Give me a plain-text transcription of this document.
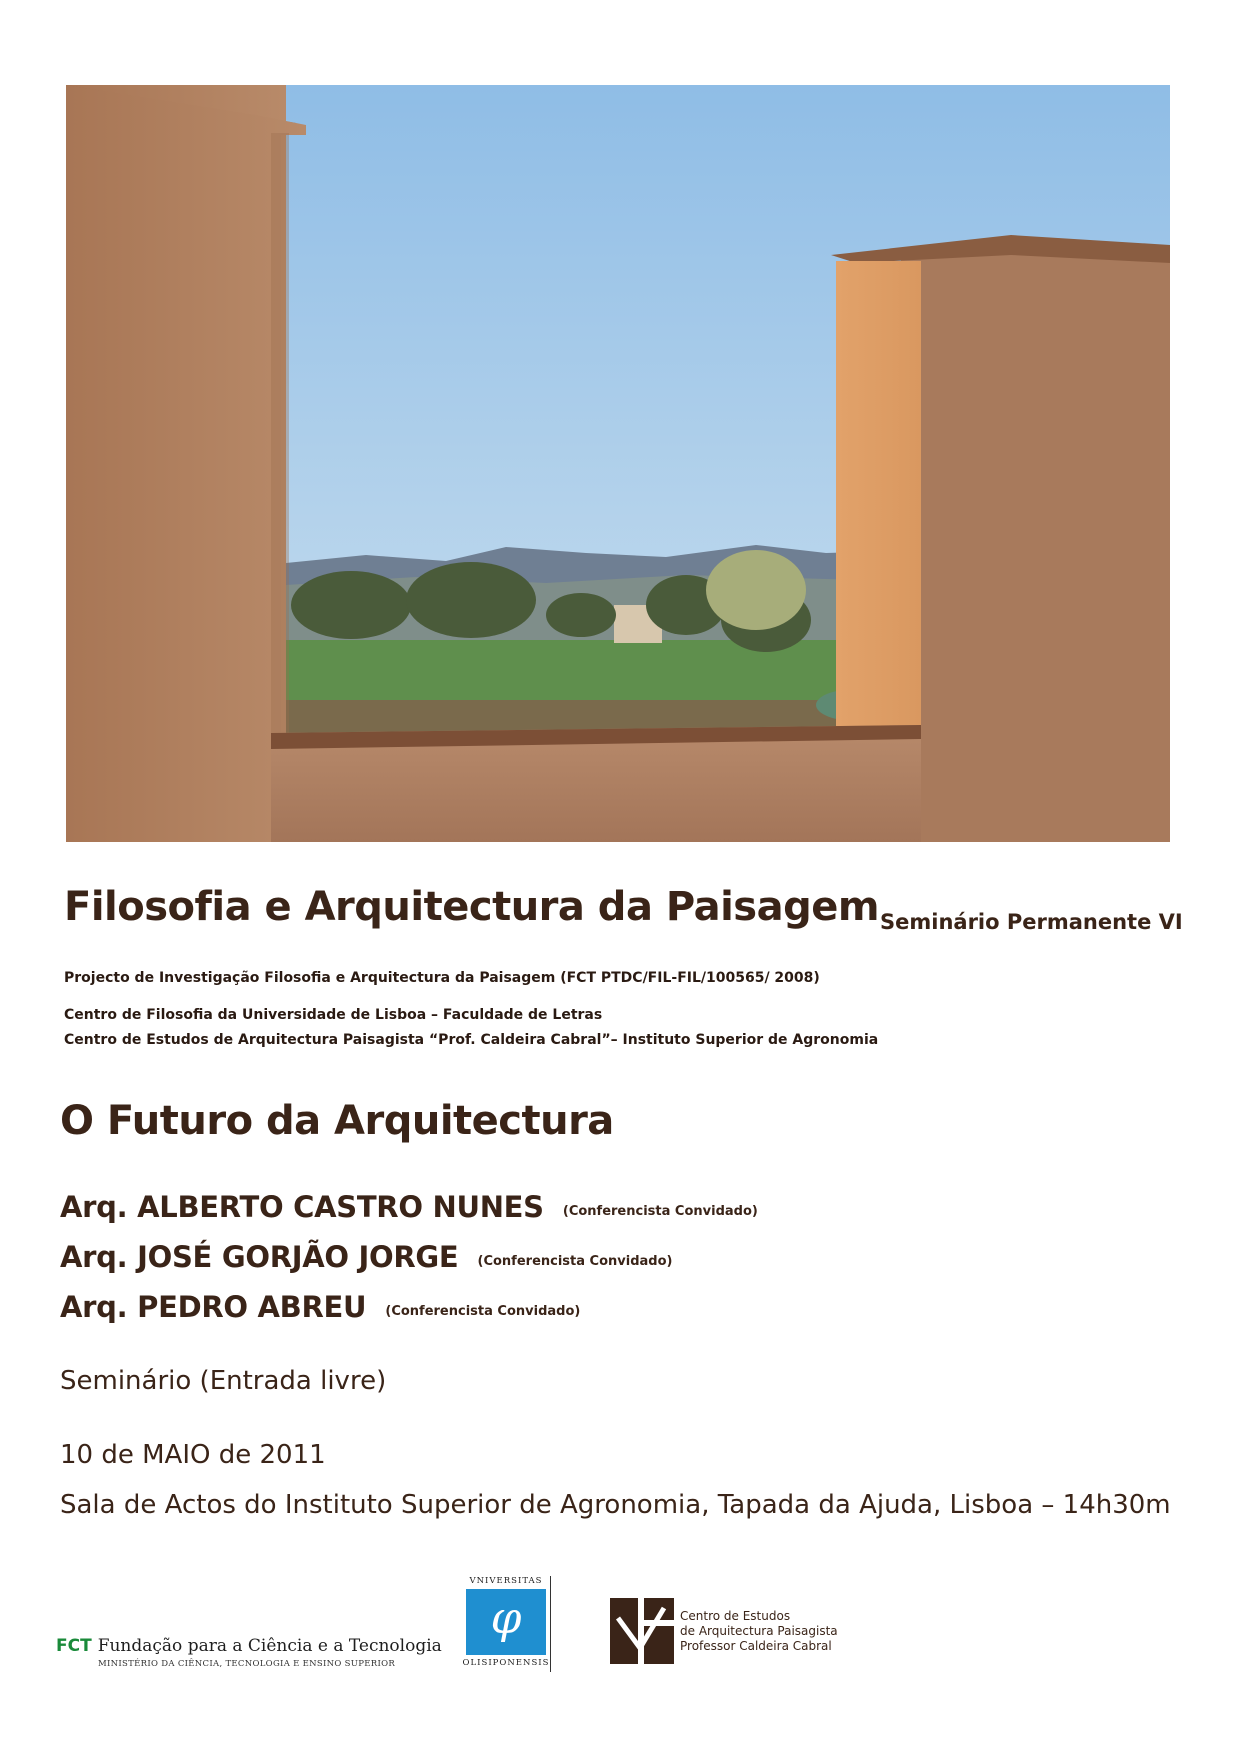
Filosofia e Arquitectura da Paisagem Seminário Permanente VI
Projecto de Investigação Filosofia e Arquitectura da Paisagem (FCT PTDC/FIL-FIL/100565/ 2008)
Centro de Filosofia da Universidade de Lisboa – Faculdade de Letras
Centro de Estudos de Arquitectura Paisagista “Prof. Caldeira Cabral”– Instituto Superior de Agronomia
O Futuro da Arquitectura
Arq. ALBERTO CASTRO NUNES (Conferencista Convidado)
Arq. JOSÉ GORJÃO JORGE (Conferencista Convidado)
Arq. PEDRO ABREU (Conferencista Convidado)
Seminário (Entrada livre)
10 de MAIO de 2011
Sala de Actos do Instituto Superior de Agronomia, Tapada da Ajuda, Lisboa – 14h30m
FCT Fundação para a Ciência e a Tecnologia
MINISTÉRIO DA CIÊNCIA, TECNOLOGIA E ENSINO SUPERIOR
VNIVERSITAS
φ
OLISIPONENSIS
Centro de Estudos
de Arquitectura Paisagista
Professor Caldeira Cabral
